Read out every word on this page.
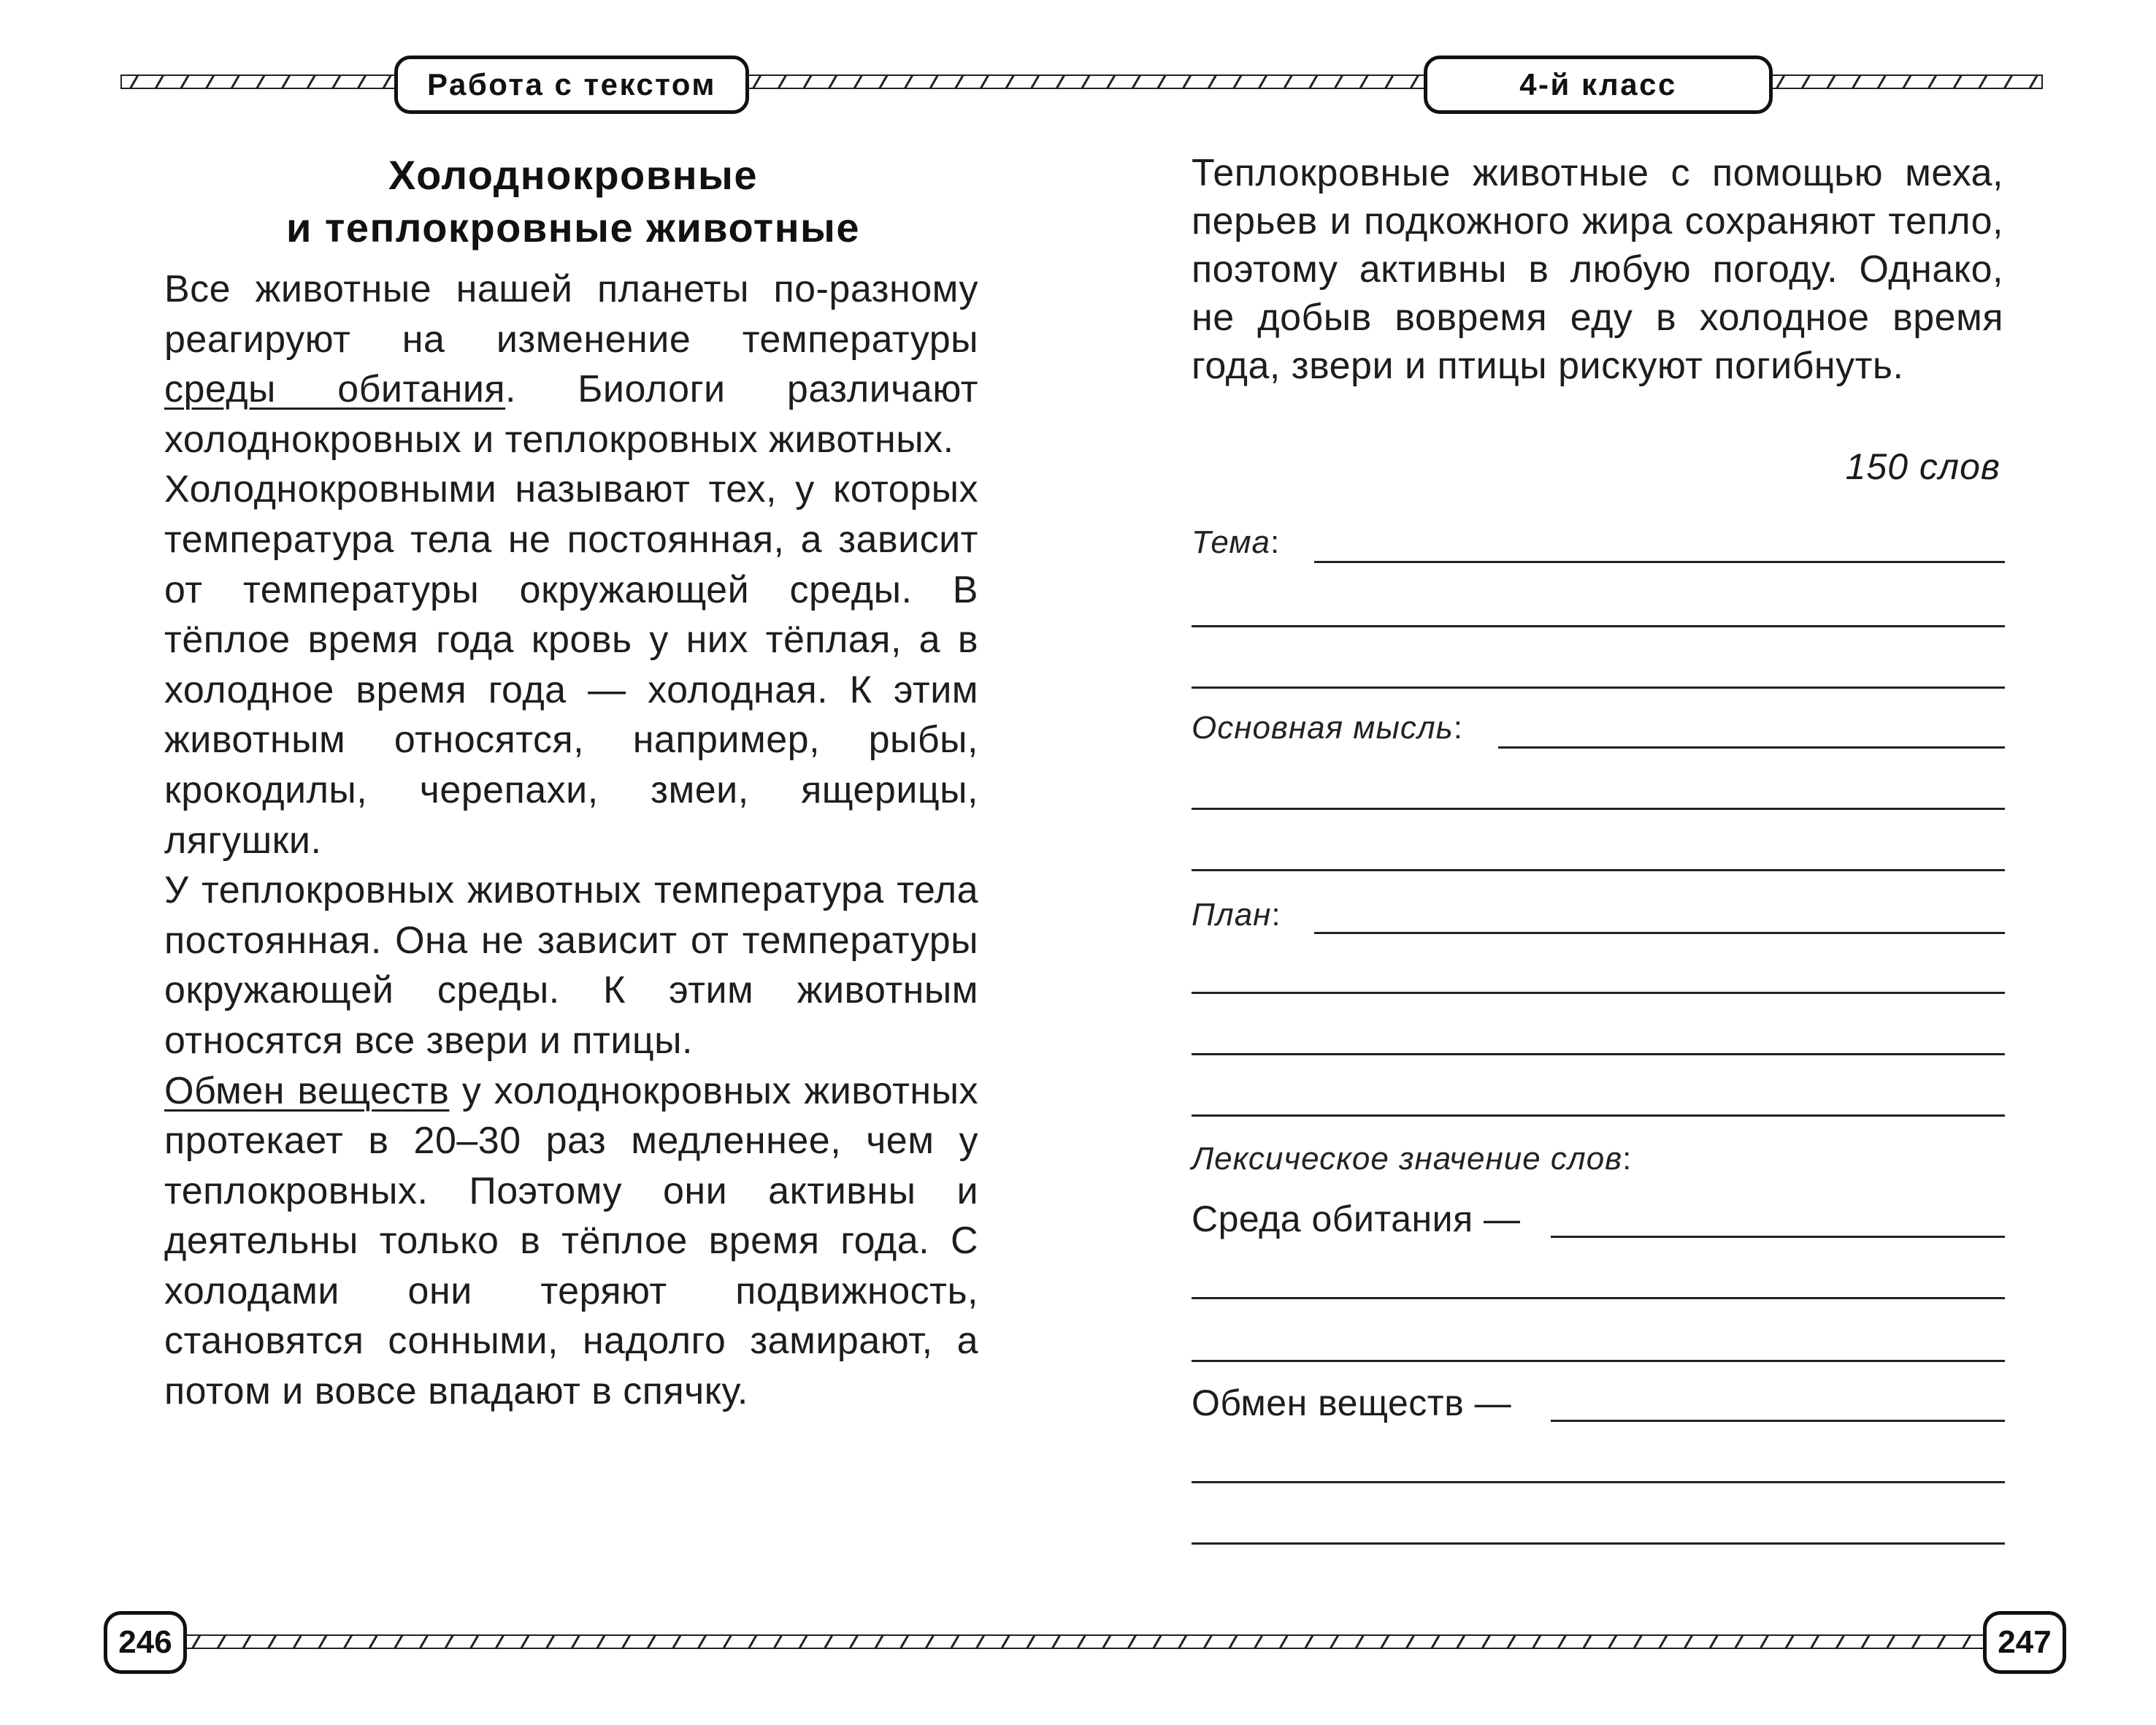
Работа с текстом	4-й класс
Холоднокровные
и теплокровные животные

Все животные нашей планеты по-разному реагируют на изменение температуры среды обитания. Биологи различают холоднокровных и теплокровных животных.

Холоднокровными называют тех, у которых температура тела не постоянная, а зависит от температуры окружающей среды. В тёплое время года кровь у них тёплая, а в холодное время года — холодная. К этим животным относятся, например, рыбы, крокодилы, черепахи, змеи, ящерицы, лягушки.

У теплокровных животных температура тела постоянная. Она не зависит от температуры окружающей среды. К этим животным относятся все звери и птицы.

Обмен веществ у холоднокровных животных протекает в 20–30 раз медленнее, чем у теплокровных. Поэтому они активны и деятельны только в тёплое время года. С холодами они теряют подвижность, становятся сонными, надолго замирают, а потом и вовсе впадают в спячку.

Теплокровные животные с помощью меха, перьев и подкожного жира сохраняют тепло, поэтому активны в любую погоду. Однако, не добыв вовремя еду в холодное время года, звери и птицы рискуют погибнуть.

150 слов
Тема:
Основная мысль:
План:
Лексическое значение слов:
Среда обитания —
Обмен веществ —
246	247
